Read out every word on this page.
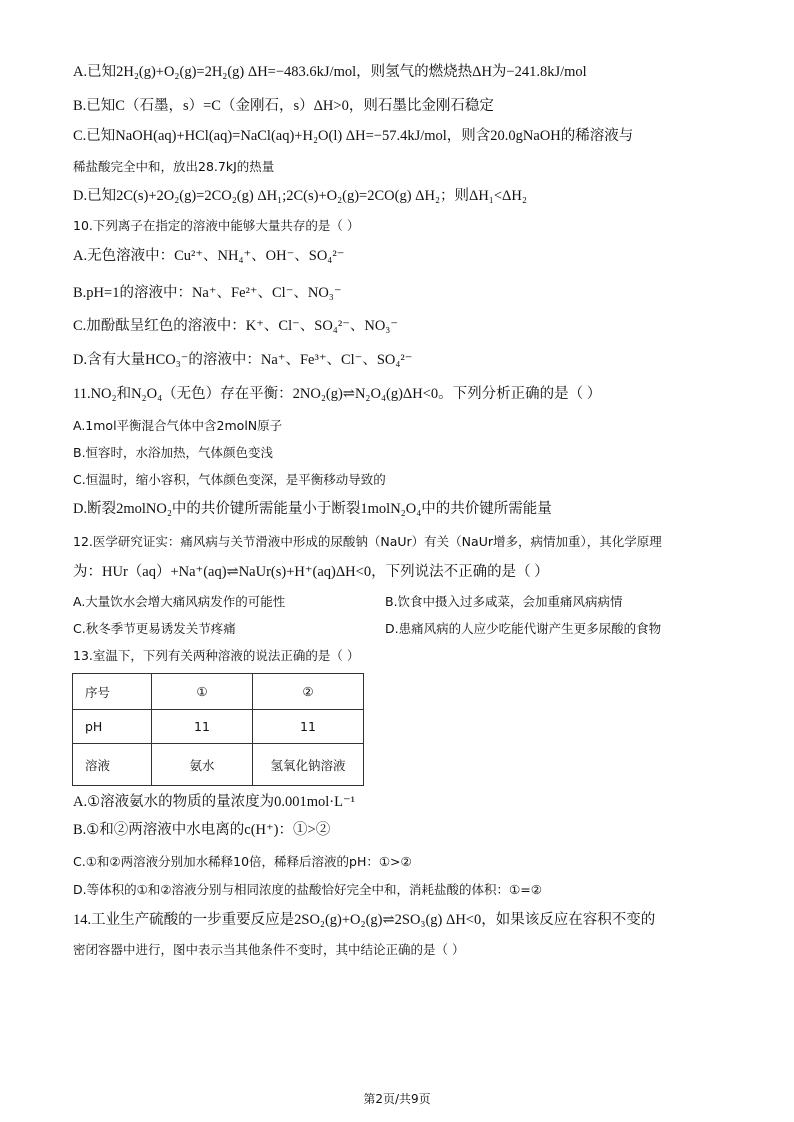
A.已知2H₂(g)+O₂(g)=2H₂(g) ΔH=−483.6kJ/mol，则氢气的燃烧热ΔH为−241.8kJ/mol
B.已知C（石墨，s）=C（金刚石，s）ΔH>0，则石墨比金刚石稳定
C.已知NaOH(aq)+HCl(aq)=NaCl(aq)+H₂O(l) ΔH=−57.4kJ/mol，则含20.0gNaOH的稀溶液与
稀盐酸完全中和，放出28.7kJ的热量
D.已知2C(s)+2O₂(g)=2CO₂(g) ΔH₁;2C(s)+O₂(g)=2CO(g) ΔH₂；则ΔH₁<ΔH₂
10.下列离子在指定的溶液中能够大量共存的是（ ）
A.无色溶液中：Cu²⁺、NH₄⁺、OH⁻、SO₄²⁻
B.pH=1的溶液中：Na⁺、Fe²⁺、Cl⁻、NO₃⁻
C.加酚酞呈红色的溶液中：K⁺、Cl⁻、SO₄²⁻、NO₃⁻
D.含有大量HCO₃⁻的溶液中：Na⁺、Fe³⁺、Cl⁻、SO₄²⁻
11.NO₂和N₂O₄（无色）存在平衡：2NO₂(g)⇌N₂O₄(g)ΔH<0。下列分析正确的是（ ）
A.1mol平衡混合气体中含2molN原子
B.恒容时，水浴加热，气体颜色变浅
C.恒温时，缩小容积，气体颜色变深，是平衡移动导致的
D.断裂2molNO₂中的共价键所需能量小于断裂1molN₂O₄中的共价键所需能量
12.医学研究证实：痛风病与关节滑液中形成的尿酸钠（NaUr）有关（NaUr增多，病情加重），其化学原理
为：HUr（aq）+Na⁺(aq)⇌NaUr(s)+H⁺(aq)ΔH<0，下列说法不正确的是（ ）
A.大量饮水会增大痛风病发作的可能性	B.饮食中摄入过多咸菜，会加重痛风病病情
C.秋冬季节更易诱发关节疼痛	D.患痛风病的人应少吃能代谢产生更多尿酸的食物
13.室温下，下列有关两种溶液的说法正确的是（ ）
序号	①	②
pH	11	11
溶液	氨水	氢氧化钠溶液
A.①溶液氨水的物质的量浓度为0.001mol·L⁻¹
B.①和②两溶液中水电离的c(H⁺)：①>②
C.①和②两溶液分别加水稀释10倍，稀释后溶液的pH：①>②
D.等体积的①和②溶液分别与相同浓度的盐酸恰好完全中和，消耗盐酸的体积：①=②
14.工业生产硫酸的一步重要反应是2SO₂(g)+O₂(g)⇌2SO₃(g) ΔH<0，如果该反应在容积不变的
密闭容器中进行，图中表示当其他条件不变时，其中结论正确的是（ ）
第2页/共9页
